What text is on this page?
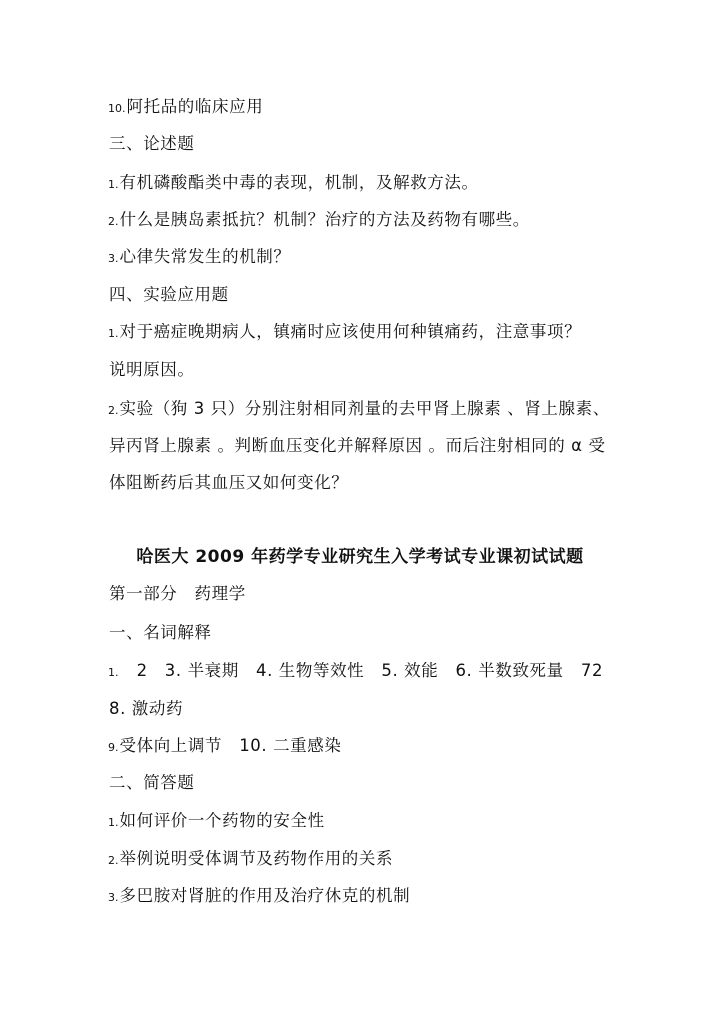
10.阿托品的临床应用
三、论述题
1.有机磷酸酯类中毒的表现，机制，及解救方法。
2.什么是胰岛素抵抗？机制？治疗的方法及药物有哪些。
3.心律失常发生的机制？
四、实验应用题
1.对于癌症晚期病人，镇痛时应该使用何种镇痛药，注意事项？
说明原因。
2.实验（狗 3 只）分别注射相同剂量的去甲肾上腺素 、肾上腺素、
异丙肾上腺素 。判断血压变化并解释原因 。而后注射相同的 α 受
体阻断药后其血压又如何变化？
哈医大 2009 年药学专业研究生入学考试专业课初试试题
第一部分　药理学
一、名词解释
1.　2　3. 半衰期　4. 生物等效性　5. 效能　6. 半数致死量　72
8. 激动药
9.受体向上调节　10. 二重感染
二、简答题
1.如何评价一个药物的安全性
2.举例说明受体调节及药物作用的关系
3.多巴胺对肾脏的作用及治疗休克的机制
